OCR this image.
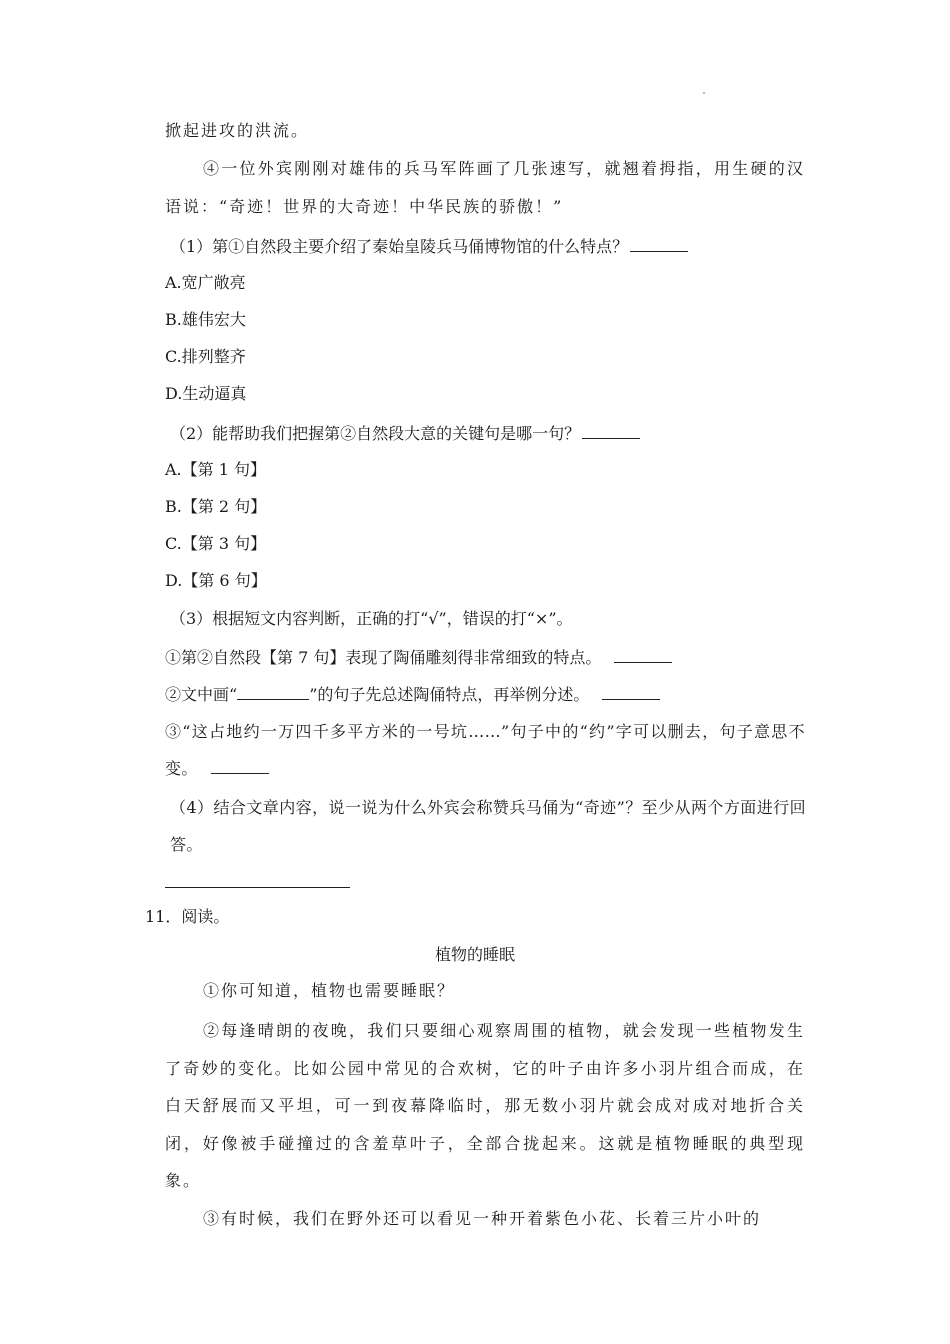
掀起进攻的洪流。
④一位外宾刚刚对雄伟的兵马军阵画了几张速写，就翘着拇指，用生硬的汉语说：“奇迹！世界的大奇迹！中华民族的骄傲！”
（1）第①自然段主要介绍了秦始皇陵兵马俑博物馆的什么特点？
A.宽广敞亮
B.雄伟宏大
C.排列整齐
D.生动逼真
（2）能帮助我们把握第②自然段大意的关键句是哪一句？
A.【第 1 句】
B.【第 2 句】
C.【第 3 句】
D.【第 6 句】
（3）根据短文内容判断，正确的打“√”，错误的打“×”。
①第②自然段【第 7 句】表现了陶俑雕刻得非常细致的特点。
②文中画“	”的句子先总述陶俑特点，再举例分述。
③“这占地约一万四千多平方米的一号坑……”句子中的“约”字可以删去，句子意思不变。
（4）结合文章内容，说一说为什么外宾会称赞兵马俑为“奇迹”？至少从两个方面进行回答。
11．阅读。
植物的睡眠
①你可知道，植物也需要睡眠？
②每逢晴朗的夜晚，我们只要细心观察周围的植物，就会发现一些植物发生了奇妙的变化。比如公园中常见的合欢树，它的叶子由许多小羽片组合而成，在白天舒展而又平坦，可一到夜幕降临时，那无数小羽片就会成对成对地折合关闭，好像被手碰撞过的含羞草叶子，全部合拢起来。这就是植物睡眠的典型现象。
③有时候，我们在野外还可以看见一种开着紫色小花、长着三片小叶的
